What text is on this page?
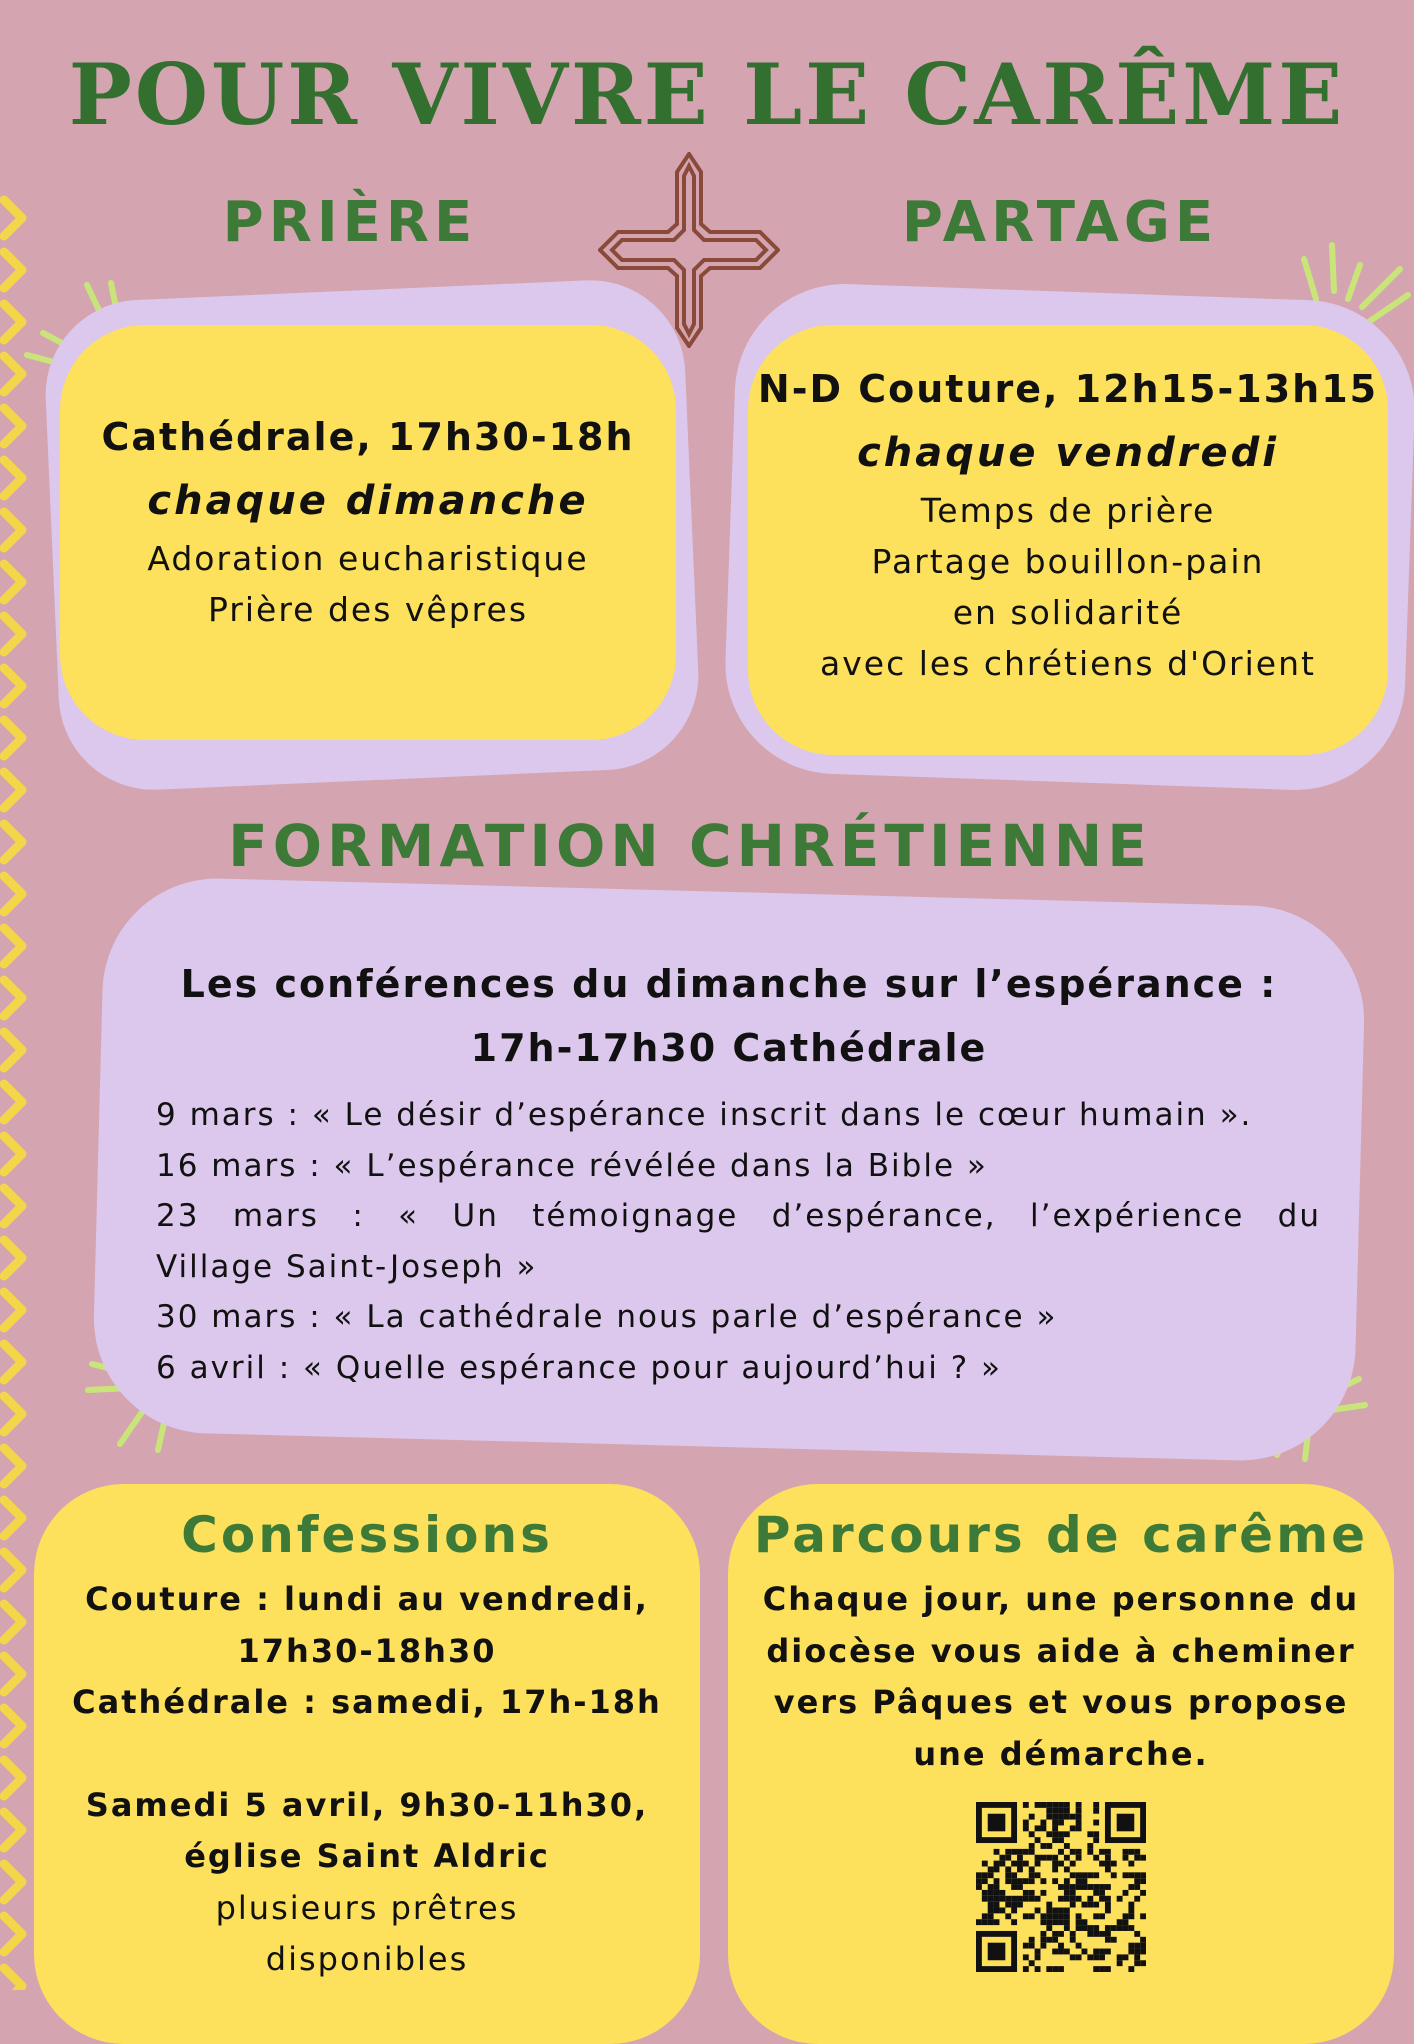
POUR VIVRE LE CARÊME
PRIÈRE	PARTAGE
Cathédrale, 17h30-18h
chaque dimanche
Adoration eucharistique
Prière des vêpres
N-D Couture, 12h15-13h15
chaque vendredi
Temps de prière
Partage bouillon-pain
en solidarité
avec les chrétiens d'Orient
FORMATION CHRÉTIENNE
Les conférences du dimanche sur l’espérance :
17h-17h30 Cathédrale
9 mars : « Le désir d’espérance inscrit dans le cœur humain ».
16 mars : « L’espérance révélée dans la Bible »
23 mars : « Un témoignage d’espérance, l’expérience du
Village Saint-Joseph »
30 mars : « La cathédrale nous parle d’espérance »
6 avril : « Quelle espérance pour aujourd’hui ? »
Confessions
Couture : lundi au vendredi,
17h30-18h30
Cathédrale : samedi, 17h-18h
Samedi 5 avril, 9h30-11h30,
église Saint Aldric
plusieurs prêtres
disponibles
Parcours de carême
Chaque jour, une personne du
diocèse vous aide à cheminer
vers Pâques et vous propose
une démarche.
